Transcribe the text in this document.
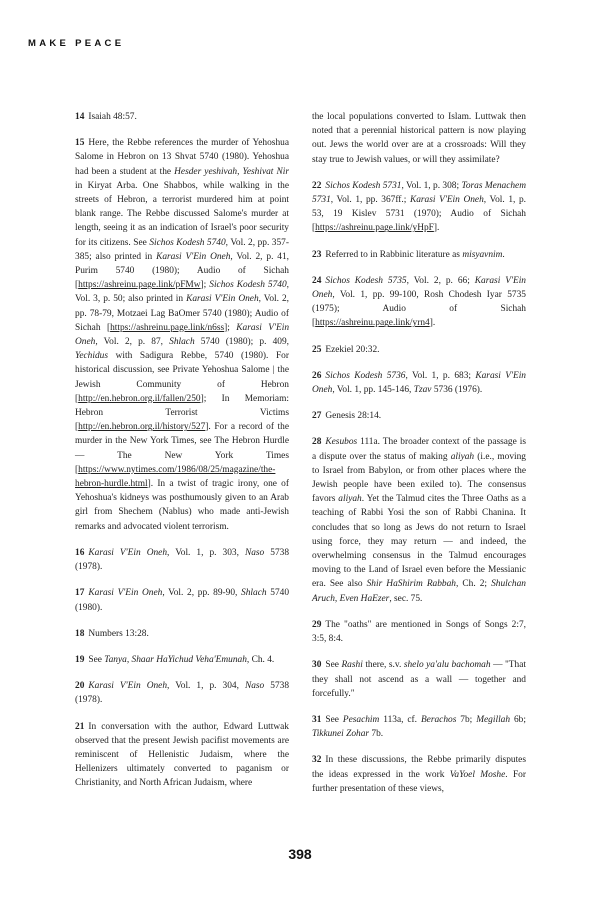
MAKE PEACE

14 Isaiah 48:57.

15 Here, the Rebbe references the murder of Yehoshua Salome in Hebron on 13 Shvat 5740 (1980). Yehoshua had been a student at the Hesder yeshivah, Yeshivat Nir in Kiryat Arba. One Shabbos, while walking in the streets of Hebron, a terrorist murdered him at point blank range. The Rebbe discussed Salome's murder at length, seeing it as an indication of Israel's poor security for its citizens. See Sichos Kodesh 5740, Vol. 2, pp. 357-385; also printed in Karasi V'Ein Oneh, Vol. 2, p. 41, Purim 5740 (1980); Audio of Sichah [https://ashreinu.page.link/pFMw]; Sichos Kodesh 5740, Vol. 3, p. 50; also printed in Karasi V'Ein Oneh, Vol. 2, pp. 78-79, Motzaei Lag BaOmer 5740 (1980); Audio of Sichah [https://ashreinu.page.link/n6ss]; Karasi V'Ein Oneh, Vol. 2, p. 87, Shlach 5740 (1980); p. 409, Yechidus with Sadigura Rebbe, 5740 (1980). For historical discussion, see Private Yehoshua Salome | the Jewish Community of Hebron [http://en.hebron.org.il/fallen/250]; In Memoriam: Hebron Terrorist Victims [http://en.hebron.org.il/history/527]. For a record of the murder in the New York Times, see The Hebron Hurdle — The New York Times [https://www.nytimes.com/1986/08/25/magazine/the-hebron-hurdle.html]. In a twist of tragic irony, one of Yehoshua's kidneys was posthumously given to an Arab girl from Shechem (Nablus) who made anti-Jewish remarks and advocated violent terrorism.

16 Karasi V'Ein Oneh, Vol. 1, p. 303, Naso 5738 (1978).

17 Karasi V'Ein Oneh, Vol. 2, pp. 89-90, Shlach 5740 (1980).

18 Numbers 13:28.

19 See Tanya, Shaar HaYichud Veha'Emunah, Ch. 4.

20 Karasi V'Ein Oneh, Vol. 1, p. 304, Naso 5738 (1978).

21 In conversation with the author, Edward Luttwak observed that the present Jewish pacifist movements are reminiscent of Hellenistic Judaism, where the Hellenizers ultimately converted to paganism or Christianity, and North African Judaism, where

the local populations converted to Islam. Luttwak then noted that a perennial historical pattern is now playing out. Jews the world over are at a crossroads: Will they stay true to Jewish values, or will they assimilate?

22 Sichos Kodesh 5731, Vol. 1, p. 308; Toras Menachem 5731, Vol. 1, pp. 367ff.; Karasi V'Ein Oneh, Vol. 1, p. 53, 19 Kislev 5731 (1970); Audio of Sichah [https://ashreinu.page.link/yHpF].

23 Referred to in Rabbinic literature as misyavnim.

24 Sichos Kodesh 5735, Vol. 2, p. 66; Karasi V'Ein Oneh, Vol. 1, pp. 99-100, Rosh Chodesh Iyar 5735 (1975); Audio of Sichah [https://ashreinu.page.link/yrn4].

25 Ezekiel 20:32.

26 Sichos Kodesh 5736, Vol. 1, p. 683; Karasi V'Ein Oneh, Vol. 1, pp. 145-146, Tzav 5736 (1976).

27 Genesis 28:14.

28 Kesubos 111a. The broader context of the passage is a dispute over the status of making aliyah (i.e., moving to Israel from Babylon, or from other places where the Jewish people have been exiled to). The consensus favors aliyah. Yet the Talmud cites the Three Oaths as a teaching of Rabbi Yosi the son of Rabbi Chanina. It concludes that so long as Jews do not return to Israel using force, they may return — and indeed, the overwhelming consensus in the Talmud encourages moving to the Land of Israel even before the Messianic era. See also Shir HaShirim Rabbah, Ch. 2; Shulchan Aruch, Even HaEzer, sec. 75.

29 The "oaths" are mentioned in Songs of Songs 2:7, 3:5, 8:4.

30 See Rashi there, s.v. shelo ya'alu bachomah — "That they shall not ascend as a wall — together and forcefully."

31 See Pesachim 113a, cf. Berachos 7b; Megillah 6b; Tikkunei Zohar 7b.

32 In these discussions, the Rebbe primarily disputes the ideas expressed in the work VaYoel Moshe. For further presentation of these views,

398
